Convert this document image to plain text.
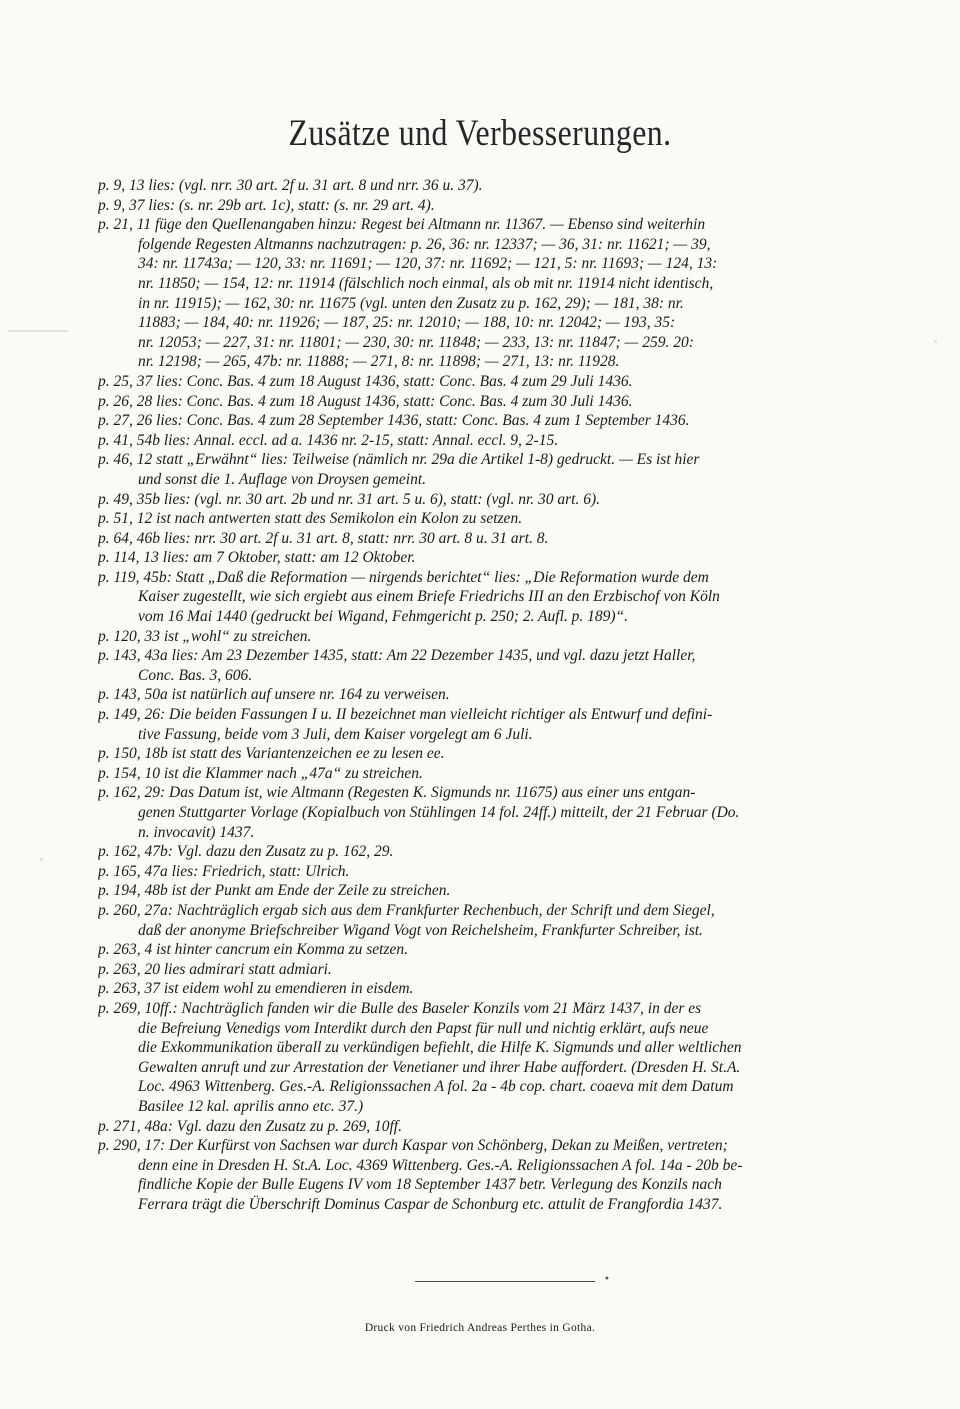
Zusätze und Verbesserungen.
p. 9, 13 lies: (vgl. nrr. 30 art. 2f u. 31 art. 8 und nrr. 36 u. 37).
p. 9, 37 lies: (s. nr. 29b art. 1c), statt: (s. nr. 29 art. 4).
p. 21, 11 füge den Quellenangaben hinzu: Regest bei Altmann nr. 11367. — Ebenso sind weiterhin
folgende Regesten Altmanns nachzutragen: p. 26, 36: nr. 12337; — 36, 31: nr. 11621; — 39,
34: nr. 11743a; — 120, 33: nr. 11691; — 120, 37: nr. 11692; — 121, 5: nr. 11693; — 124, 13:
nr. 11850; — 154, 12: nr. 11914 (fälschlich noch einmal, als ob mit nr. 11914 nicht identisch,
in nr. 11915); — 162, 30: nr. 11675 (vgl. unten den Zusatz zu p. 162, 29); — 181, 38: nr.
11883; — 184, 40: nr. 11926; — 187, 25: nr. 12010; — 188, 10: nr. 12042; — 193, 35:
nr. 12053; — 227, 31: nr. 11801; — 230, 30: nr. 11848; — 233, 13: nr. 11847; — 259. 20:
nr. 12198; — 265, 47b: nr. 11888; — 271, 8: nr. 11898; — 271, 13: nr. 11928.
p. 25, 37 lies: Conc. Bas. 4 zum 18 August 1436, statt: Conc. Bas. 4 zum 29 Juli 1436.
p. 26, 28 lies: Conc. Bas. 4 zum 18 August 1436, statt: Conc. Bas. 4 zum 30 Juli 1436.
p. 27, 26 lies: Conc. Bas. 4 zum 28 September 1436, statt: Conc. Bas. 4 zum 1 September 1436.
p. 41, 54b lies: Annal. eccl. ad a. 1436 nr. 2-15, statt: Annal. eccl. 9, 2-15.
p. 46, 12 statt „Erwähnt“ lies: Teilweise (nämlich nr. 29a die Artikel 1-8) gedruckt. — Es ist hier
und sonst die 1. Auflage von Droysen gemeint.
p. 49, 35b lies: (vgl. nr. 30 art. 2b und nr. 31 art. 5 u. 6), statt: (vgl. nr. 30 art. 6).
p. 51, 12 ist nach antwerten statt des Semikolon ein Kolon zu setzen.
p. 64, 46b lies: nrr. 30 art. 2f u. 31 art. 8, statt: nrr. 30 art. 8 u. 31 art. 8.
p. 114, 13 lies: am 7 Oktober, statt: am 12 Oktober.
p. 119, 45b: Statt „Daß die Reformation — nirgends berichtet“ lies: „Die Reformation wurde dem
Kaiser zugestellt, wie sich ergiebt aus einem Briefe Friedrichs III an den Erzbischof von Köln
vom 16 Mai 1440 (gedruckt bei Wigand, Fehmgericht p. 250; 2. Aufl. p. 189)“.
p. 120, 33 ist „wohl“ zu streichen.
p. 143, 43a lies: Am 23 Dezember 1435, statt: Am 22 Dezember 1435, und vgl. dazu jetzt Haller,
Conc. Bas. 3, 606.
p. 143, 50a ist natürlich auf unsere nr. 164 zu verweisen.
p. 149, 26: Die beiden Fassungen I u. II bezeichnet man vielleicht richtiger als Entwurf und defini-
tive Fassung, beide vom 3 Juli, dem Kaiser vorgelegt am 6 Juli.
p. 150, 18b ist statt des Variantenzeichen ee zu lesen ee.
p. 154, 10 ist die Klammer nach „47a“ zu streichen.
p. 162, 29: Das Datum ist, wie Altmann (Regesten K. Sigmunds nr. 11675) aus einer uns entgan-
genen Stuttgarter Vorlage (Kopialbuch von Stühlingen 14 fol. 24ff.) mitteilt, der 21 Februar (Do.
n. invocavit) 1437.
p. 162, 47b: Vgl. dazu den Zusatz zu p. 162, 29.
p. 165, 47a lies: Friedrich, statt: Ulrich.
p. 194, 48b ist der Punkt am Ende der Zeile zu streichen.
p. 260, 27a: Nachträglich ergab sich aus dem Frankfurter Rechenbuch, der Schrift und dem Siegel,
daß der anonyme Briefschreiber Wigand Vogt von Reichelsheim, Frankfurter Schreiber, ist.
p. 263, 4 ist hinter cancrum ein Komma zu setzen.
p. 263, 20 lies admirari statt admiari.
p. 263, 37 ist eidem wohl zu emendieren in eisdem.
p. 269, 10ff.: Nachträglich fanden wir die Bulle des Baseler Konzils vom 21 März 1437, in der es
die Befreiung Venedigs vom Interdikt durch den Papst für null und nichtig erklärt, aufs neue
die Exkommunikation überall zu verkündigen befiehlt, die Hilfe K. Sigmunds und aller weltlichen
Gewalten anruft und zur Arrestation der Venetianer und ihrer Habe auffordert. (Dresden H. St.A.
Loc. 4963 Wittenberg. Ges.-A. Religionssachen A fol. 2a - 4b cop. chart. coaeva mit dem Datum
Basilee 12 kal. aprilis anno etc. 37.)
p. 271, 48a: Vgl. dazu den Zusatz zu p. 269, 10ff.
p. 290, 17: Der Kurfürst von Sachsen war durch Kaspar von Schönberg, Dekan zu Meißen, vertreten;
denn eine in Dresden H. St.A. Loc. 4369 Wittenberg. Ges.-A. Religionssachen A fol. 14a - 20b be-
findliche Kopie der Bulle Eugens IV vom 18 September 1437 betr. Verlegung des Konzils nach
Ferrara trägt die Überschrift Dominus Caspar de Schonburg etc. attulit de Frangfordia 1437.
•
Druck von Friedrich Andreas Perthes in Gotha.
